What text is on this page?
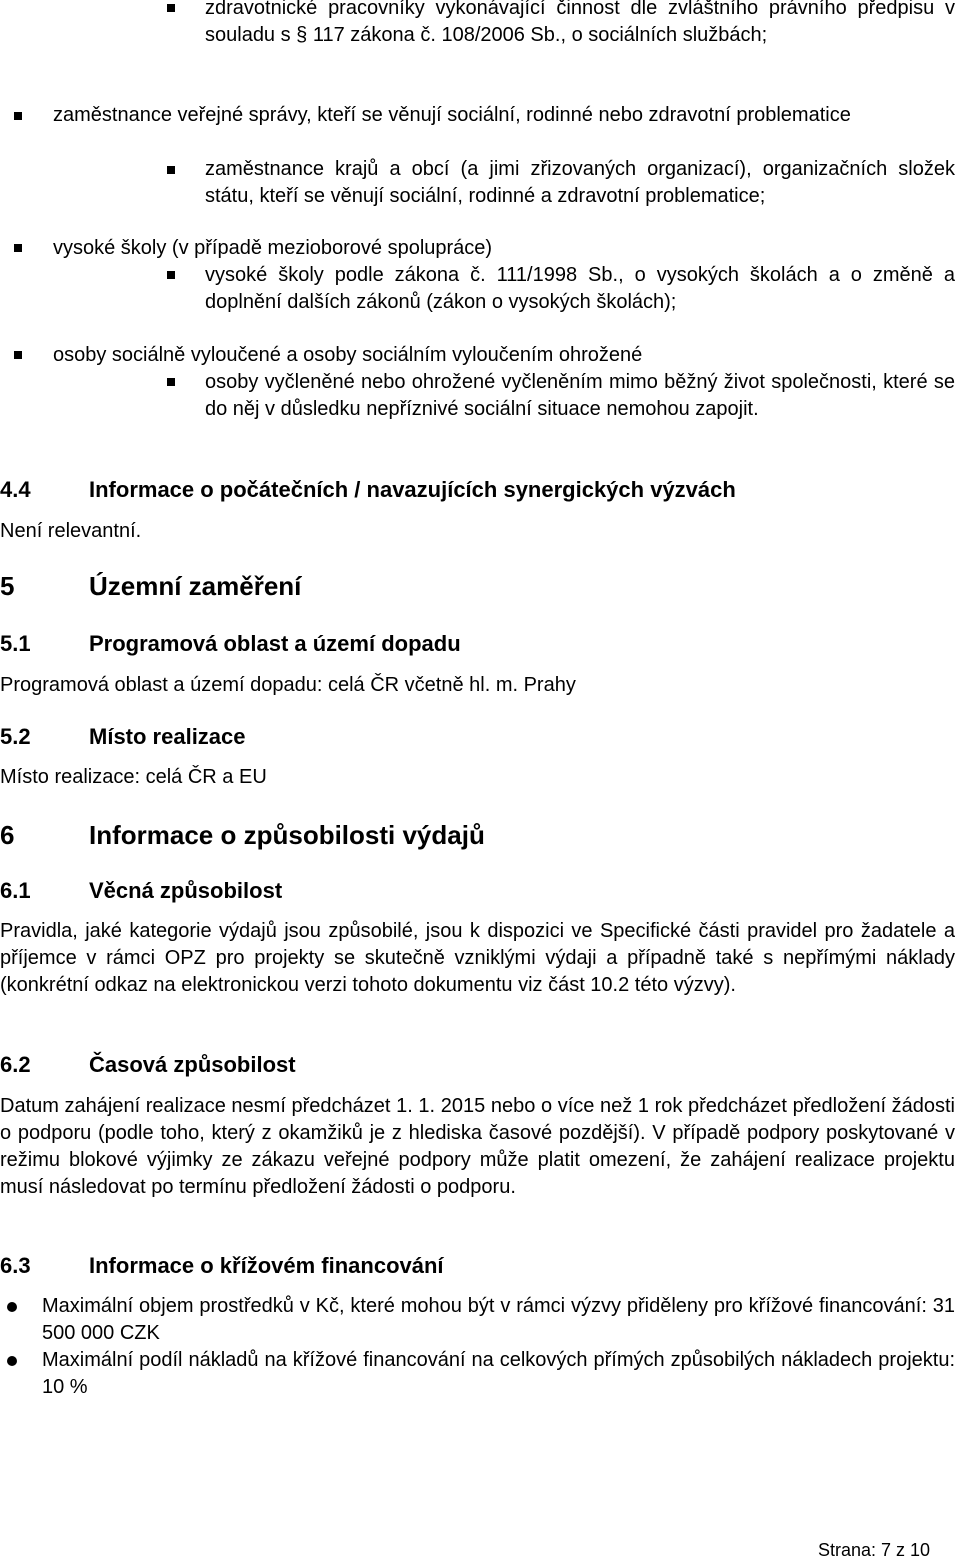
zdravotnické pracovníky vykonávající činnost dle zvláštního právního předpisu v souladu s § 117 zákona č. 108/2006 Sb., o sociálních službách;
zaměstnance veřejné správy, kteří se věnují sociální, rodinné nebo zdravotní problematice
zaměstnance krajů a obcí (a jimi zřizovaných organizací), organizačních složek státu, kteří se věnují sociální, rodinné a zdravotní problematice;
vysoké školy (v případě mezioborové spolupráce)
vysoké školy podle zákona č. 111/1998 Sb., o vysokých školách a o změně a doplnění dalších zákonů (zákon o vysokých školách);
osoby sociálně vyloučené a osoby sociálním vyloučením ohrožené
osoby vyčleněné nebo ohrožené vyčleněním mimo běžný život společnosti, které se do něj v důsledku nepříznivé sociální situace nemohou zapojit.
4.4	Informace o počátečních / navazujících synergických výzvách
Není relevantní.
5	Územní zaměření
5.1	Programová oblast a území dopadu
Programová oblast a území dopadu: celá ČR včetně hl. m. Prahy
5.2	Místo realizace
Místo realizace: celá ČR a EU
6	Informace o způsobilosti výdajů
6.1	Věcná způsobilost
Pravidla, jaké kategorie výdajů jsou způsobilé, jsou k dispozici ve Specifické části pravidel pro žadatele a příjemce v rámci OPZ pro projekty se skutečně vzniklými výdaji a případně také s nepřímými náklady (konkrétní odkaz na elektronickou verzi tohoto dokumentu viz část 10.2 této výzvy).
6.2	Časová způsobilost
Datum zahájení realizace nesmí předcházet 1. 1. 2015 nebo o více než 1 rok předcházet předložení žádosti o podporu (podle toho, který z okamžiků je z hlediska časové pozdější). V případě podpory poskytované v režimu blokové výjimky ze zákazu veřejné podpory může platit omezení, že zahájení realizace projektu musí následovat po termínu předložení žádosti o podporu.
6.3	Informace o křížovém financování
Maximální objem prostředků v Kč, které mohou být v rámci výzvy přiděleny pro křížové financování: 31 500 000 CZK
Maximální podíl nákladů na křížové financování na celkových přímých způsobilých nákladech projektu: 10 %
Strana: 7 z 10
